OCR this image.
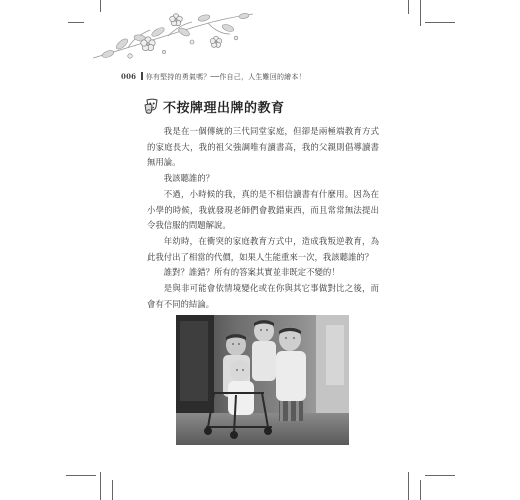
006 你有堅持的勇氣嗎？──作自己，人生難回的繪本！
不按牌理出牌的教育

我是在一個傳統的三代同堂家庭，但卻是兩極端教育方式的家庭長大，我的祖父強調唯有讀書高，我的父親則倡導讀書無用論。

我該聽誰的？

不過，小時候的我，真的是不相信讀書有什麼用。因為在小學的時候，我就發現老師們會教錯東西，而且常常無法提出令我信服的問題解說。

年幼時，在衝突的家庭教育方式中，造成我叛逆教育，為此我付出了相當的代價，如果人生能重來一次，我該聽誰的？

誰對？誰錯？所有的答案其實並非既定不變的！

是與非可能會依情境變化或在你與其它事做對比之後，而會有不同的結論。
